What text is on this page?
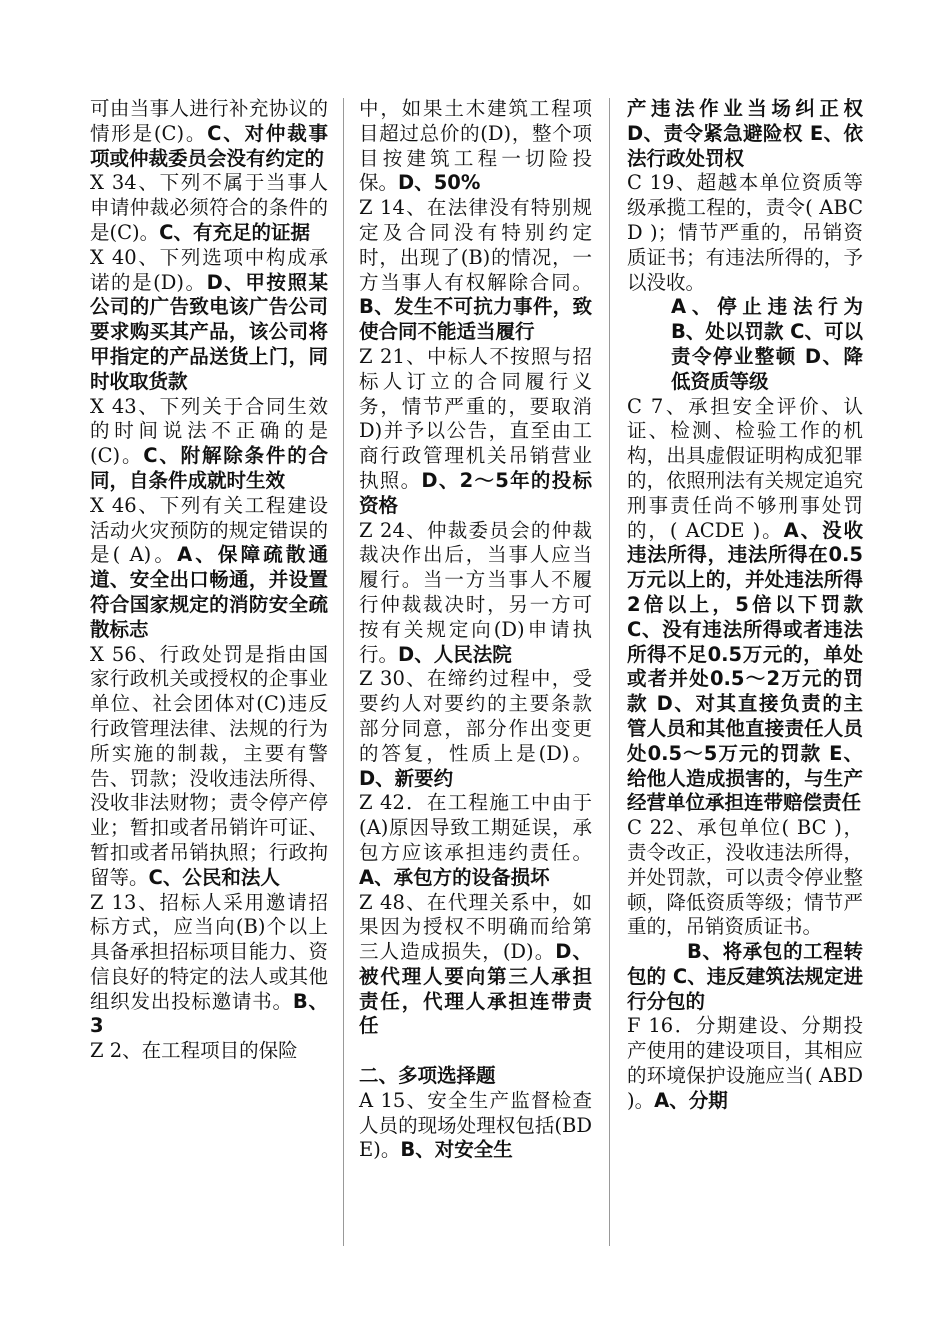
可由当事人进行补充协议的情形是(C)。C、对仲裁事项或仲裁委员会没有约定的

X 34、下列不属于当事人申请仲裁必须符合的条件的是(C)。C、有充足的证据

X 40、下列选项中构成承诺的是(D)。D、甲按照某公司的广告致电该广告公司要求购买其产品，该公司将甲指定的产品送货上门，同时收取货款

X 43、下列关于合同生效的时间说法不正确的是(C)。C、附解除条件的合同，自条件成就时生效

X 46、下列有关工程建设活动火灾预防的规定错误的是( A)。A、保障疏散通道、安全出口畅通，并设置符合国家规定的消防安全疏散标志

X 56、行政处罚是指由国家行政机关或授权的企事业单位、社会团体对(C)违反行政管理法律、法规的行为所实施的制裁，主要有警告、罚款；没收违法所得、没收非法财物；责令停产停业；暂扣或者吊销许可证、暂扣或者吊销执照；行政拘留等。C、公民和法人

Z 13、招标人采用邀请招标方式，应当向(B)个以上具备承担招标项目能力、资信良好的特定的法人或其他组织发出投标邀请书。B、3

Z 2、在工程项目的保险

中，如果土木建筑工程项目超过总价的(D)，整个项目按建筑工程一切险投保。D、50%

Z 14、在法律没有特别规定及合同没有特别约定时，出现了(B)的情况，一方当事人有权解除合同。B、发生不可抗力事件，致使合同不能适当履行

Z 21、中标人不按照与招标人订立的合同履行义务，情节严重的，要取消D)并予以公告，直至由工商行政管理机关吊销营业执照。D、2～5年的投标资格

Z 24、仲裁委员会的仲裁裁决作出后，当事人应当履行。当一方当事人不履行仲裁裁决时，另一方可按有关规定向(D)申请执行。D、人民法院

Z 30、在缔约过程中，受要约人对要约的主要条款部分同意，部分作出变更的答复，性质上是(D)。D、新要约

Z 42．在工程施工中由于(A)原因导致工期延误，承包方应该承担违约责任。A、承包方的设备损坏

Z 48、在代理关系中，如果因为授权不明确而给第三人造成损失，(D)。D、被代理人要向第三人承担责任，代理人承担连带责任

二、多项选择题

A 15、安全生产监督检查人员的现场处理权包括(BDE)。B、对安全生

产违法作业当场纠正权 D、责令紧急避险权 E、依法行政处罚权

C 19、超越本单位资质等级承揽工程的，责令( ABCD )；情节严重的，吊销资质证书；有违法所得的，予以没收。

A、停止违法行为 B、处以罚款 C、可以责令停业整顿 D、降低资质等级

C 7、承担安全评价、认证、检测、检验工作的机构，出具虚假证明构成犯罪的，依照刑法有关规定追究刑事责任尚不够刑事处罚的，( ACDE )。A、没收违法所得，违法所得在0.5万元以上的，并处违法所得2倍以上，5倍以下罚款 C、没有违法所得或者违法所得不足0.5万元的，单处或者并处0.5～2万元的罚款 D、对其直接负责的主管人员和其他直接责任人员处0.5～5万元的罚款 E、给他人造成损害的，与生产经营单位承担连带赔偿责任

C 22、承包单位( BC )，责令改正，没收违法所得，并处罚款，可以责令停业整顿，降低资质等级；情节严重的，吊销资质证书。

B、将承包的工程转包的 C、违反建筑法规定进行分包的

F 16．分期建设、分期投产使用的建设项目，其相应的环境保护设施应当( ABD )。A、分期
